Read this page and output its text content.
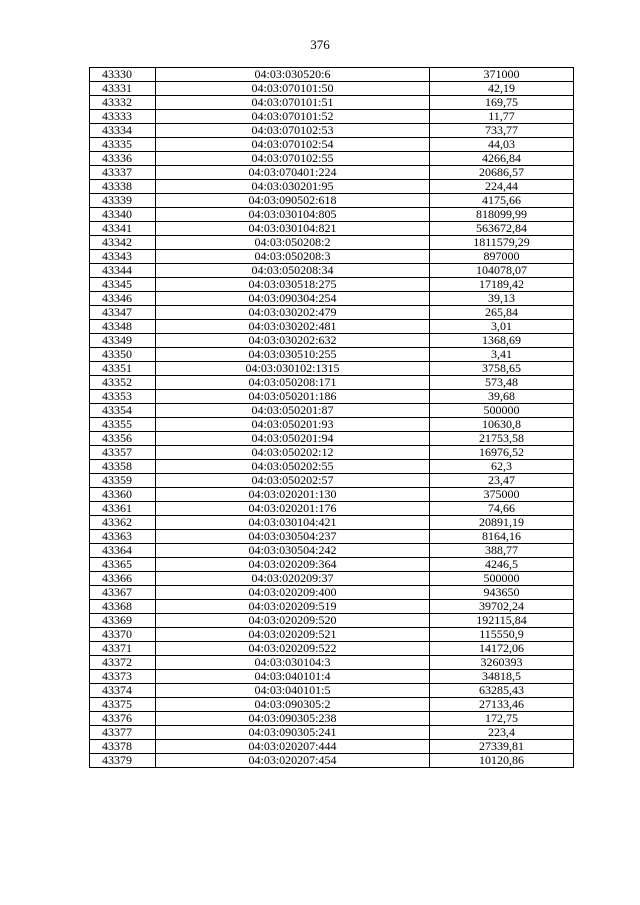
376
43330	04:03:030520:6	371000
43331	04:03:070101:50	42,19
43332	04:03:070101:51	169,75
43333	04:03:070101:52	11,77
43334	04:03:070102:53	733,77
43335	04:03:070102:54	44,03
43336	04:03:070102:55	4266,84
43337	04:03:070401:224	20686,57
43338	04:03:030201:95	224,44
43339	04:03:090502:618	4175,66
43340	04:03:030104:805	818099,99
43341	04:03:030104:821	563672,84
43342	04:03:050208:2	1811579,29
43343	04:03:050208:3	897000
43344	04:03:050208:34	104078,07
43345	04:03:030518:275	17189,42
43346	04:03:090304:254	39,13
43347	04:03:030202:479	265,84
43348	04:03:030202:481	3,01
43349	04:03:030202:632	1368,69
43350	04:03:030510:255	3,41
43351	04:03:030102:1315	3758,65
43352	04:03:050208:171	573,48
43353	04:03:050201:186	39,68
43354	04:03:050201:87	500000
43355	04:03:050201:93	10630,8
43356	04:03:050201:94	21753,58
43357	04:03:050202:12	16976,52
43358	04:03:050202:55	62,3
43359	04:03:050202:57	23,47
43360	04:03:020201:130	375000
43361	04:03:020201:176	74,66
43362	04:03:030104:421	20891,19
43363	04:03:030504:237	8164,16
43364	04:03:030504:242	388,77
43365	04:03:020209:364	4246,5
43366	04:03:020209:37	500000
43367	04:03:020209:400	943650
43368	04:03:020209:519	39702,24
43369	04:03:020209:520	192115,84
43370	04:03:020209:521	115550,9
43371	04:03:020209:522	14172,06
43372	04:03:030104:3	3260393
43373	04:03:040101:4	34818,5
43374	04:03:040101:5	63285,43
43375	04:03:090305:2	27133,46
43376	04:03:090305:238	172,75
43377	04:03:090305:241	223,4
43378	04:03:020207:444	27339,81
43379	04:03:020207:454	10120,86
